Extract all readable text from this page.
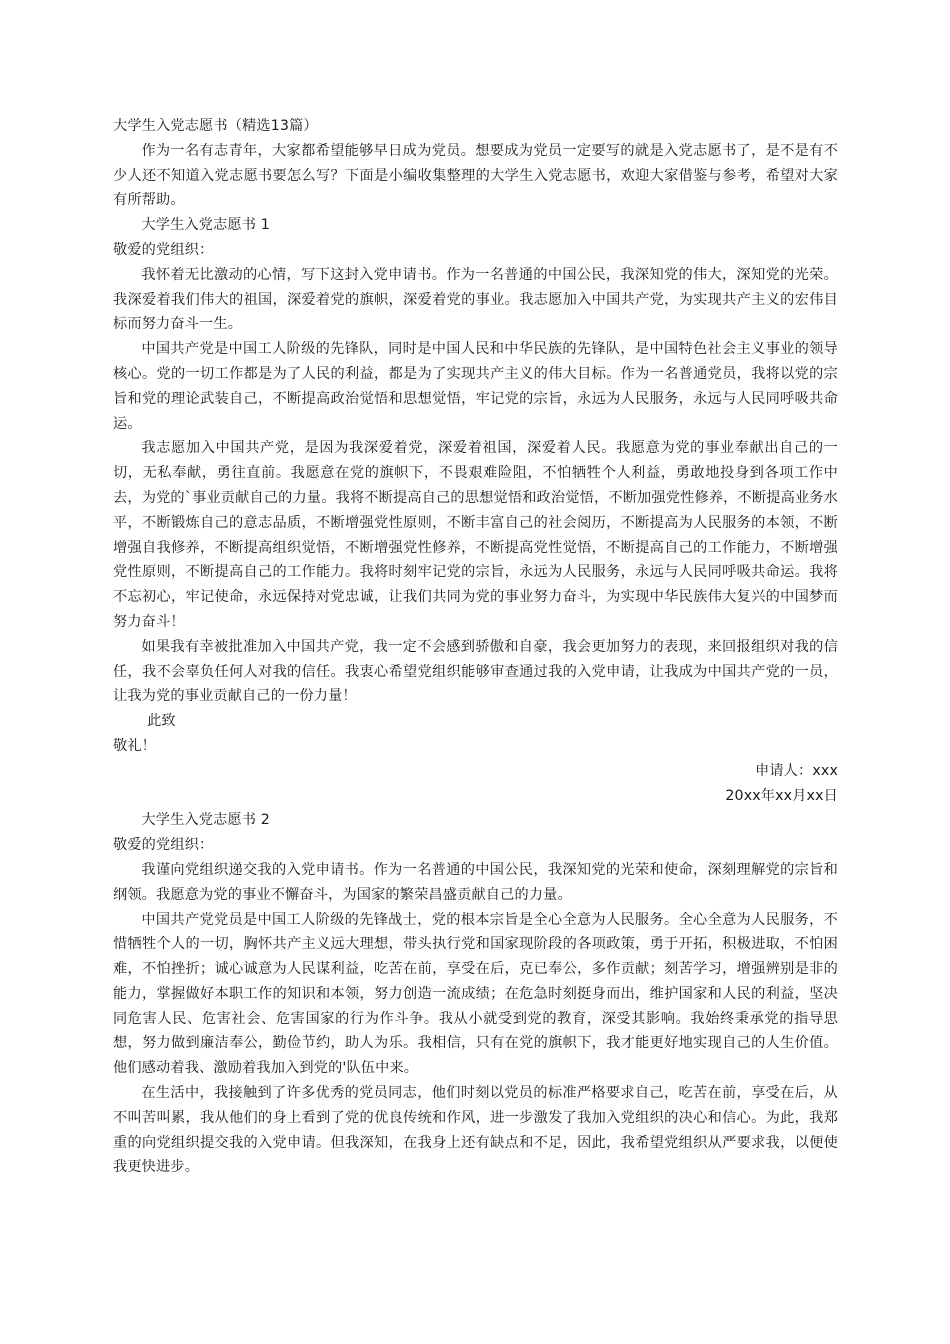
大学生入党志愿书（精选13篇）

作为一名有志青年，大家都希望能够早日成为党员。想要成为党员一定要写的就是入党志愿书了，是不是有不少人还不知道入党志愿书要怎么写？下面是小编收集整理的大学生入党志愿书，欢迎大家借鉴与参考，希望对大家有所帮助。

大学生入党志愿书 1

敬爱的党组织：

我怀着无比激动的心情，写下这封入党申请书。作为一名普通的中国公民，我深知党的伟大，深知党的光荣。我深爱着我们伟大的祖国，深爱着党的旗帜，深爱着党的事业。我志愿加入中国共产党，为实现共产主义的宏伟目标而努力奋斗一生。

中国共产党是中国工人阶级的先锋队，同时是中国人民和中华民族的先锋队，是中国特色社会主义事业的领导核心。党的一切工作都是为了人民的利益，都是为了实现共产主义的伟大目标。作为一名普通党员，我将以党的宗旨和党的理论武装自己，不断提高政治觉悟和思想觉悟，牢记党的宗旨，永远为人民服务，永远与人民同呼吸共命运。

我志愿加入中国共产党，是因为我深爱着党，深爱着祖国，深爱着人民。我愿意为党的事业奉献出自己的一切，无私奉献，勇往直前。我愿意在党的旗帜下，不畏艰难险阻，不怕牺牲个人利益，勇敢地投身到各项工作中去，为党的`事业贡献自己的力量。我将不断提高自己的思想觉悟和政治觉悟，不断加强党性修养，不断提高业务水平，不断锻炼自己的意志品质，不断增强党性原则，不断丰富自己的社会阅历，不断提高为人民服务的本领，不断增强自我修养，不断提高组织觉悟，不断增强党性修养，不断提高党性觉悟，不断提高自己的工作能力，不断增强党性原则，不断提高自己的工作能力。我将时刻牢记党的宗旨，永远为人民服务，永远与人民同呼吸共命运。我将不忘初心，牢记使命，永远保持对党忠诚，让我们共同为党的事业努力奋斗，为实现中华民族伟大复兴的中国梦而努力奋斗！

如果我有幸被批准加入中国共产党，我一定不会感到骄傲和自豪，我会更加努力的表现，来回报组织对我的信任，我不会辜负任何人对我的信任。我衷心希望党组织能够审查通过我的入党申请，让我成为中国共产党的一员，让我为党的事业贡献自己的一份力量！

此致

敬礼！

申请人：xxx

20xx年xx月xx日

大学生入党志愿书 2

敬爱的党组织：

我谨向党组织递交我的入党申请书。作为一名普通的中国公民，我深知党的光荣和使命，深刻理解党的宗旨和纲领。我愿意为党的事业不懈奋斗，为国家的繁荣昌盛贡献自己的力量。

中国共产党党员是中国工人阶级的先锋战士，党的根本宗旨是全心全意为人民服务。全心全意为人民服务，不惜牺牲个人的一切，胸怀共产主义远大理想，带头执行党和国家现阶段的各项政策，勇于开拓，积极进取，不怕困难，不怕挫折；诚心诚意为人民谋利益，吃苦在前，享受在后，克已奉公，多作贡献；刻苦学习，增强辨别是非的能力，掌握做好本职工作的知识和本领，努力创造一流成绩；在危急时刻挺身而出，维护国家和人民的利益，坚决同危害人民、危害社会、危害国家的行为作斗争。我从小就受到党的教育，深受其影响。我始终秉承党的指导思想，努力做到廉洁奉公，勤俭节约，助人为乐。我相信，只有在党的旗帜下，我才能更好地实现自己的人生价值。他们感动着我、激励着我加入到党的'队伍中来。

在生活中，我接触到了许多优秀的党员同志，他们时刻以党员的标准严格要求自己，吃苦在前，享受在后，从不叫苦叫累，我从他们的身上看到了党的优良传统和作风，进一步激发了我加入党组织的决心和信心。为此，我郑重的向党组织提交我的入党申请。但我深知，在我身上还有缺点和不足，因此，我希望党组织从严要求我，以便使我更快进步。
